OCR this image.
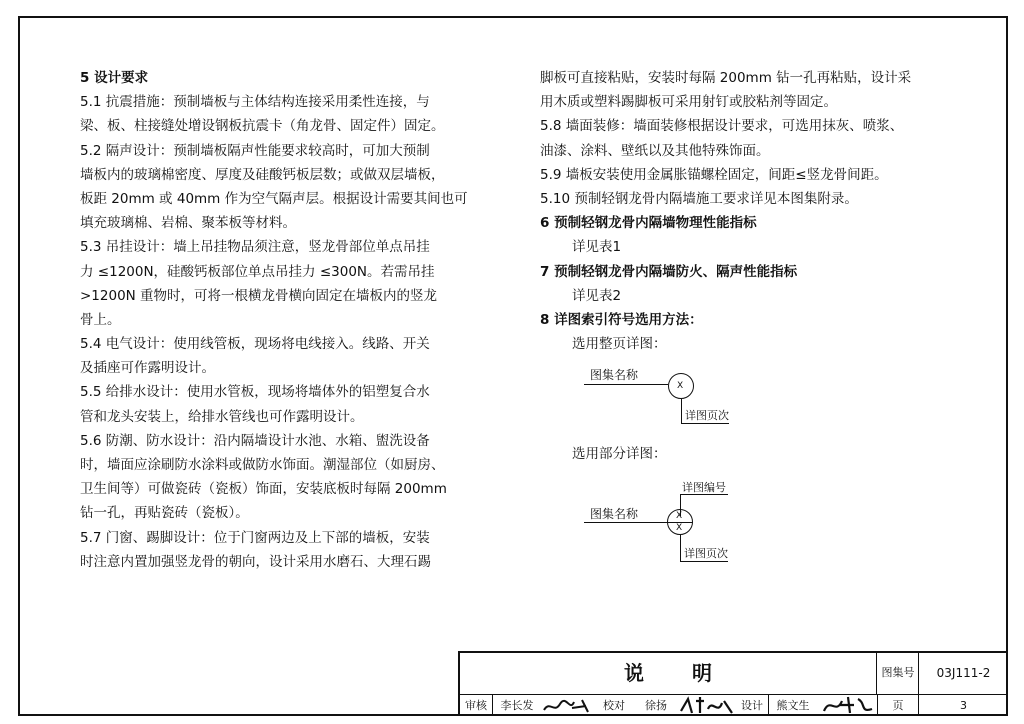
5 设计要求
5.1 抗震措施：预制墙板与主体结构连接采用柔性连接，与
梁、板、柱接缝处增设钢板抗震卡（角龙骨、固定件）固定。
5.2 隔声设计：预制墙板隔声性能要求较高时，可加大预制
墙板内的玻璃棉密度、厚度及硅酸钙板层数；或做双层墙板，
板距 20mm 或 40mm 作为空气隔声层。根据设计需要其间也可
填充玻璃棉、岩棉、聚苯板等材料。
5.3 吊挂设计：墙上吊挂物品须注意，竖龙骨部位单点吊挂
力 ≤1200N，硅酸钙板部位单点吊挂力 ≤300N。若需吊挂
>1200N 重物时，可将一根横龙骨横向固定在墙板内的竖龙
骨上。
5.4 电气设计：使用线管板，现场将电线接入。线路、开关
及插座可作露明设计。
5.5 给排水设计：使用水管板，现场将墙体外的铝塑复合水
管和龙头安装上，给排水管线也可作露明设计。
5.6 防潮、防水设计：沿内隔墙设计水池、水箱、盥洗设备
时，墙面应涂刷防水涂料或做防水饰面。潮湿部位（如厨房、
卫生间等）可做瓷砖（瓷板）饰面，安装底板时每隔 200mm
钻一孔，再贴瓷砖（瓷板）。
5.7 门窗、踢脚设计：位于门窗两边及上下部的墙板，安装
时注意内置加强竖龙骨的朝向，设计采用水磨石、大理石踢
脚板可直接粘贴，安装时每隔 200mm 钻一孔再粘贴，设计采
用木质或塑料踢脚板可采用射钉或胶粘剂等固定。
5.8 墙面装修：墙面装修根据设计要求，可选用抹灰、喷浆、
油漆、涂料、壁纸以及其他特殊饰面。
5.9 墙板安装使用金属胀锚螺栓固定，间距≤竖龙骨间距。
5.10 预制轻钢龙骨内隔墙施工要求详见本图集附录。
6 预制轻钢龙骨内隔墙物理性能指标
详见表1
7 预制轻钢龙骨内隔墙防火、隔声性能指标
详见表2
8 详图索引符号选用方法：
选用整页详图：
选用部分详图：
图集名称
X
详图页次
详图编号
图集名称	X
X
详图页次
说明	图集号	03J111-2
审核	李长发	校对	徐扬	设计	熊文生	页	3
